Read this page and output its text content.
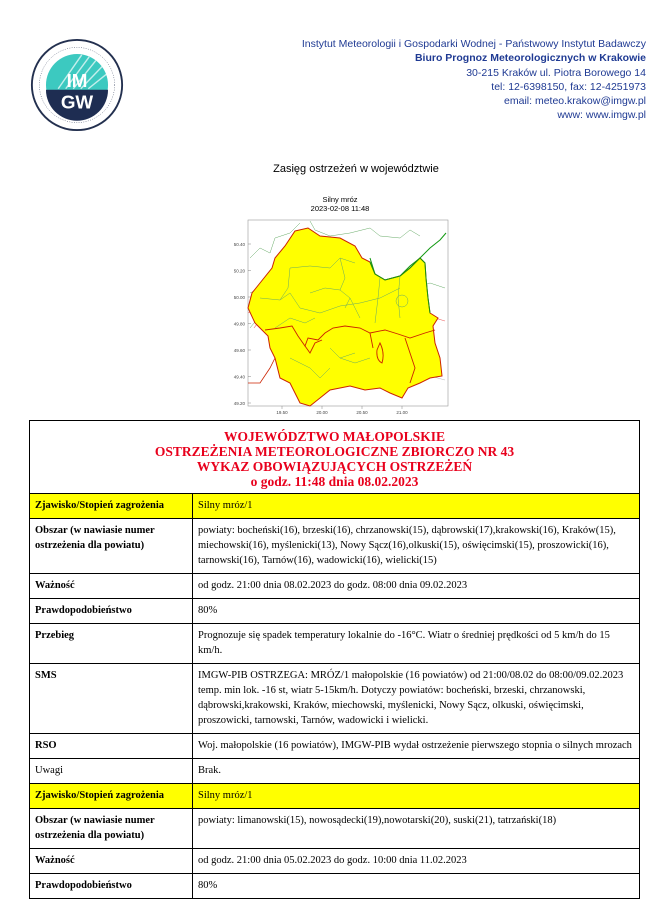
IM
GW
Instytut Meteorologii i Gospodarki Wodnej - Państwowy Instytut Badawczy
Biuro Prognoz Meteorologicznych w Krakowie
30-215 Kraków ul. Piotra Borowego 14
tel: 12-6398150, fax: 12-4251973
email: meteo.krakow@imgw.pl
www: www.imgw.pl
Zasięg ostrzeżeń w województwie
Silny mróz
2023-02-08 11:48
50.40
50.20
50.00
49.80
49.60
49.40
49.20
19.50	20.00	20.50	21.00
WOJEWÓDZTWO MAŁOPOLSKIE
OSTRZEŻENIA METEOROLOGICZNE ZBIORCZO NR 43
WYKAZ OBOWIĄZUJĄCYCH OSTRZEŻEŃ
o godz. 11:48 dnia 08.02.2023	

Zjawisko/Stopień zagrożenia	Silny mróz/1
Obszar (w nawiasie numer ostrzeżenia dla powiatu)	powiaty: bocheński(16), brzeski(16), chrzanowski(15), dąbrowski(17),krakowski(16), Kraków(15), miechowski(16), myślenicki(13), Nowy Sącz(16),olkuski(15), oświęcimski(15), proszowicki(16), tarnowski(16), Tarnów(16), wadowicki(16), wielicki(15)
Ważność	od godz. 21:00 dnia 08.02.2023 do godz. 08:00 dnia 09.02.2023
Prawdopodobieństwo	80%
Przebieg	Prognozuje się spadek temperatury lokalnie do -16°C. Wiatr o średniej prędkości od 5 km/h do 15 km/h.
SMS	IMGW-PIB OSTRZEGA: MRÓZ/1 małopolskie (16 powiatów) od 21:00/08.02 do 08:00/09.02.2023 temp. min lok. -16 st, wiatr 5-15km/h. Dotyczy powiatów: bocheński, brzeski, chrzanowski, dąbrowski,krakowski, Kraków, miechowski, myślenicki, Nowy Sącz, olkuski, oświęcimski, proszowicki, tarnowski, Tarnów, wadowicki i wielicki.
RSO	Woj. małopolskie (16 powiatów), IMGW-PIB wydał ostrzeżenie pierwszego stopnia o silnych mrozach
Uwagi	Brak.
Zjawisko/Stopień zagrożenia	Silny mróz/1
Obszar (w nawiasie numer ostrzeżenia dla powiatu)	powiaty: limanowski(15), nowosądecki(19),nowotarski(20), suski(21), tatrzański(18)
Ważność	od godz. 21:00 dnia 05.02.2023 do godz. 10:00 dnia 11.02.2023
Prawdopodobieństwo	80%
